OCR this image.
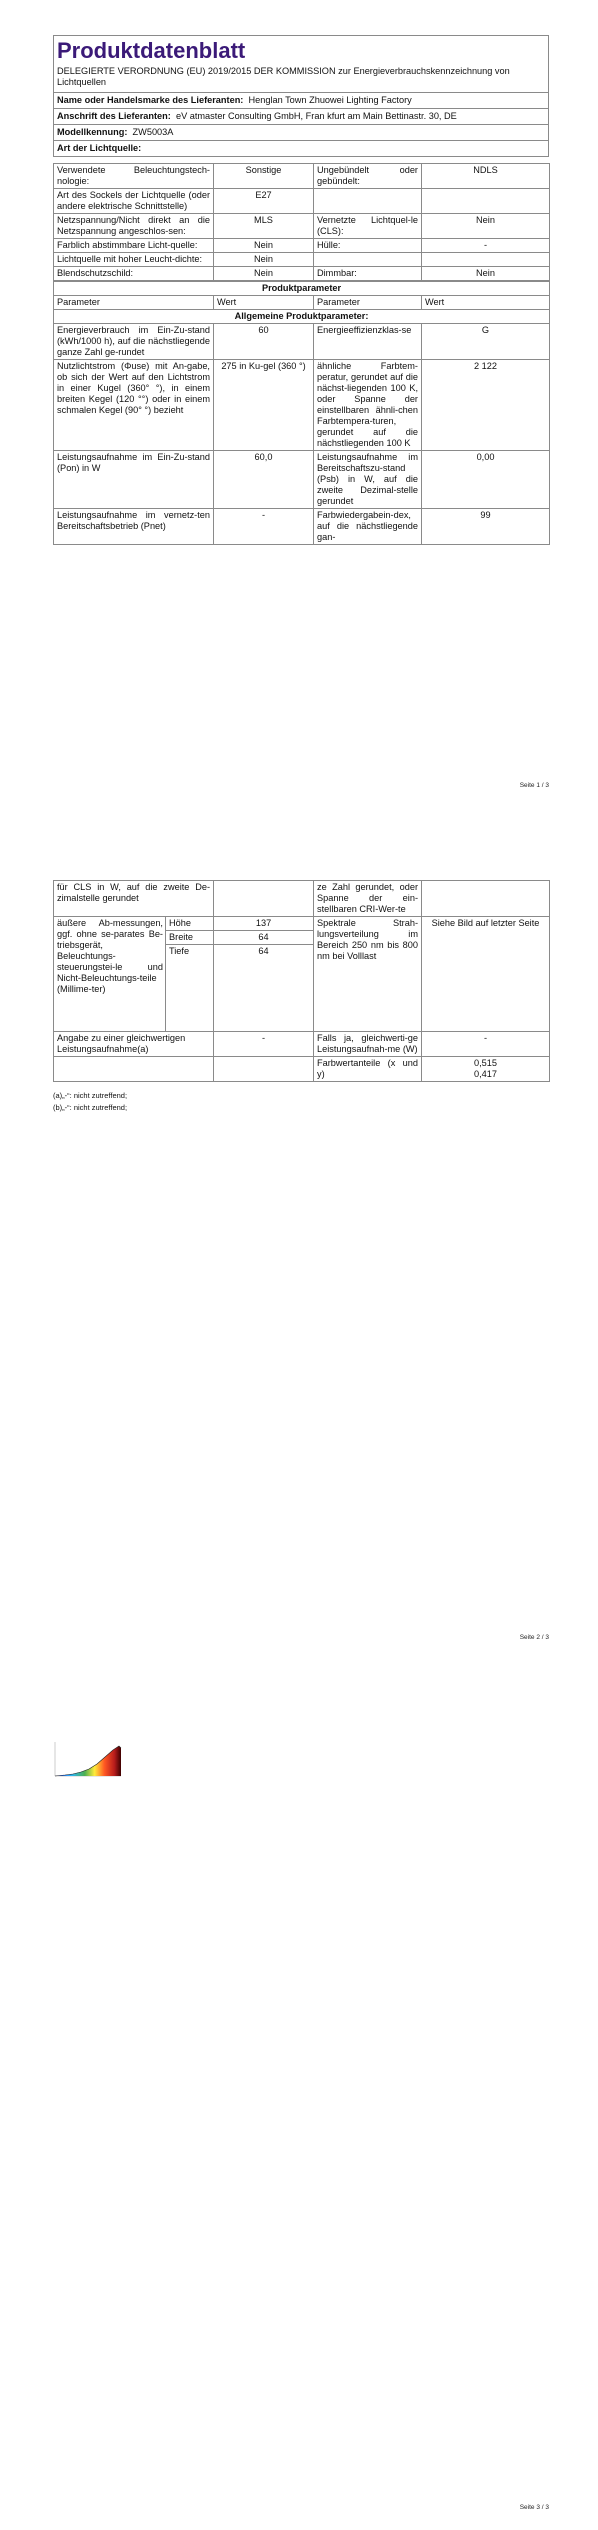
Produktdatenblatt
DELEGIERTE VERORDNUNG (EU) 2019/2015 DER KOMMISSION zur Energieverbrauchskennzeichnung von Lichtquellen
Name oder Handelsmarke des Lieferanten: Henglan Town Zhuowei Lighting Factory
Anschrift des Lieferanten: eV atmaster Consulting GmbH, Fran kfurt am Main Bettinastr. 30, DE
Modellkennung: ZW5003A
Art der Lichtquelle:
Verwendete Beleuchtungstech-nologie:	Sonstige	Ungebündelt oder gebündelt:	NDLS
Art des Sockels der Lichtquelle (oder andere elektrische Schnittstelle)	E27		
Netzspannung/Nicht direkt an die Netzspannung angeschlos-sen:	MLS	Vernetzte Lichtquel-le (CLS):	Nein
Farblich abstimmbare Licht-quelle:	Nein	Hülle:	-
Lichtquelle mit hoher Leucht-dichte:	Nein		
Blendschutzschild:	Nein	Dimmbar:	Nein
Produktparameter			
Parameter	Wert	Parameter	Wert
Allgemeine Produktparameter:			
Energieverbrauch im Ein-Zu-stand (kWh/1000 h), auf die nächstliegende ganze Zahl ge-rundet	60	Energieeffizienzklas-se	G
Nutzlichtstrom (Φuse) mit An-gabe, ob sich der Wert auf den Lichtstrom in einer Kugel (360° °), in einem breiten Kegel (120 °°) oder in einem schmalen Kegel (90° °) bezieht	275 in Ku-gel (360 °)	ähnliche Farbtem-peratur, gerundet auf die nächst-liegenden 100 K, oder Spanne der einstellbaren ähnli-chen Farbtempera-turen, gerundet auf die nächstliegenden 100 K	2 122
Leistungsaufnahme im Ein-Zu-stand (Pon) in W	60,0	Leistungsaufnahme im Bereitschaftszu-stand (Psb) in W, auf die zweite Dezimal-stelle gerundet	0,00
Leistungsaufnahme im vernetz-ten Bereitschaftsbetrieb (Pnet)	-	Farbwiedergabein-dex, auf die nächstliegende gan-	99
Seite 1 / 3
für CLS in W, auf die zweite De-zimalstelle gerundet			ze Zahl gerundet, oder Spanne der ein-stellbaren CRI-Wer-te	
äußere Ab-messungen, ggf. ohne se-parates Be-triebsgerät, Beleuchtungs-steuerungstei-le und Nicht-Beleuchtungs-teile (Millime-ter)	Höhe	137	Spektrale Strah-lungsverteilung im Bereich 250 nm bis 800 nm bei Volllast	Siehe Bild auf letzter Seite
	Breite	64		
	Tiefe	64		
Angabe zu einer gleichwertigen Leistungsaufnahme(a)		-	Falls ja, gleichwerti-ge Leistungsaufnah-me (W)	-
			Farbwertanteile (x und y)	0,515
0,417
(a)„-“: nicht zutreffend;
(b)„-“: nicht zutreffend;
Seite 2 / 3
Seite 3 / 3
